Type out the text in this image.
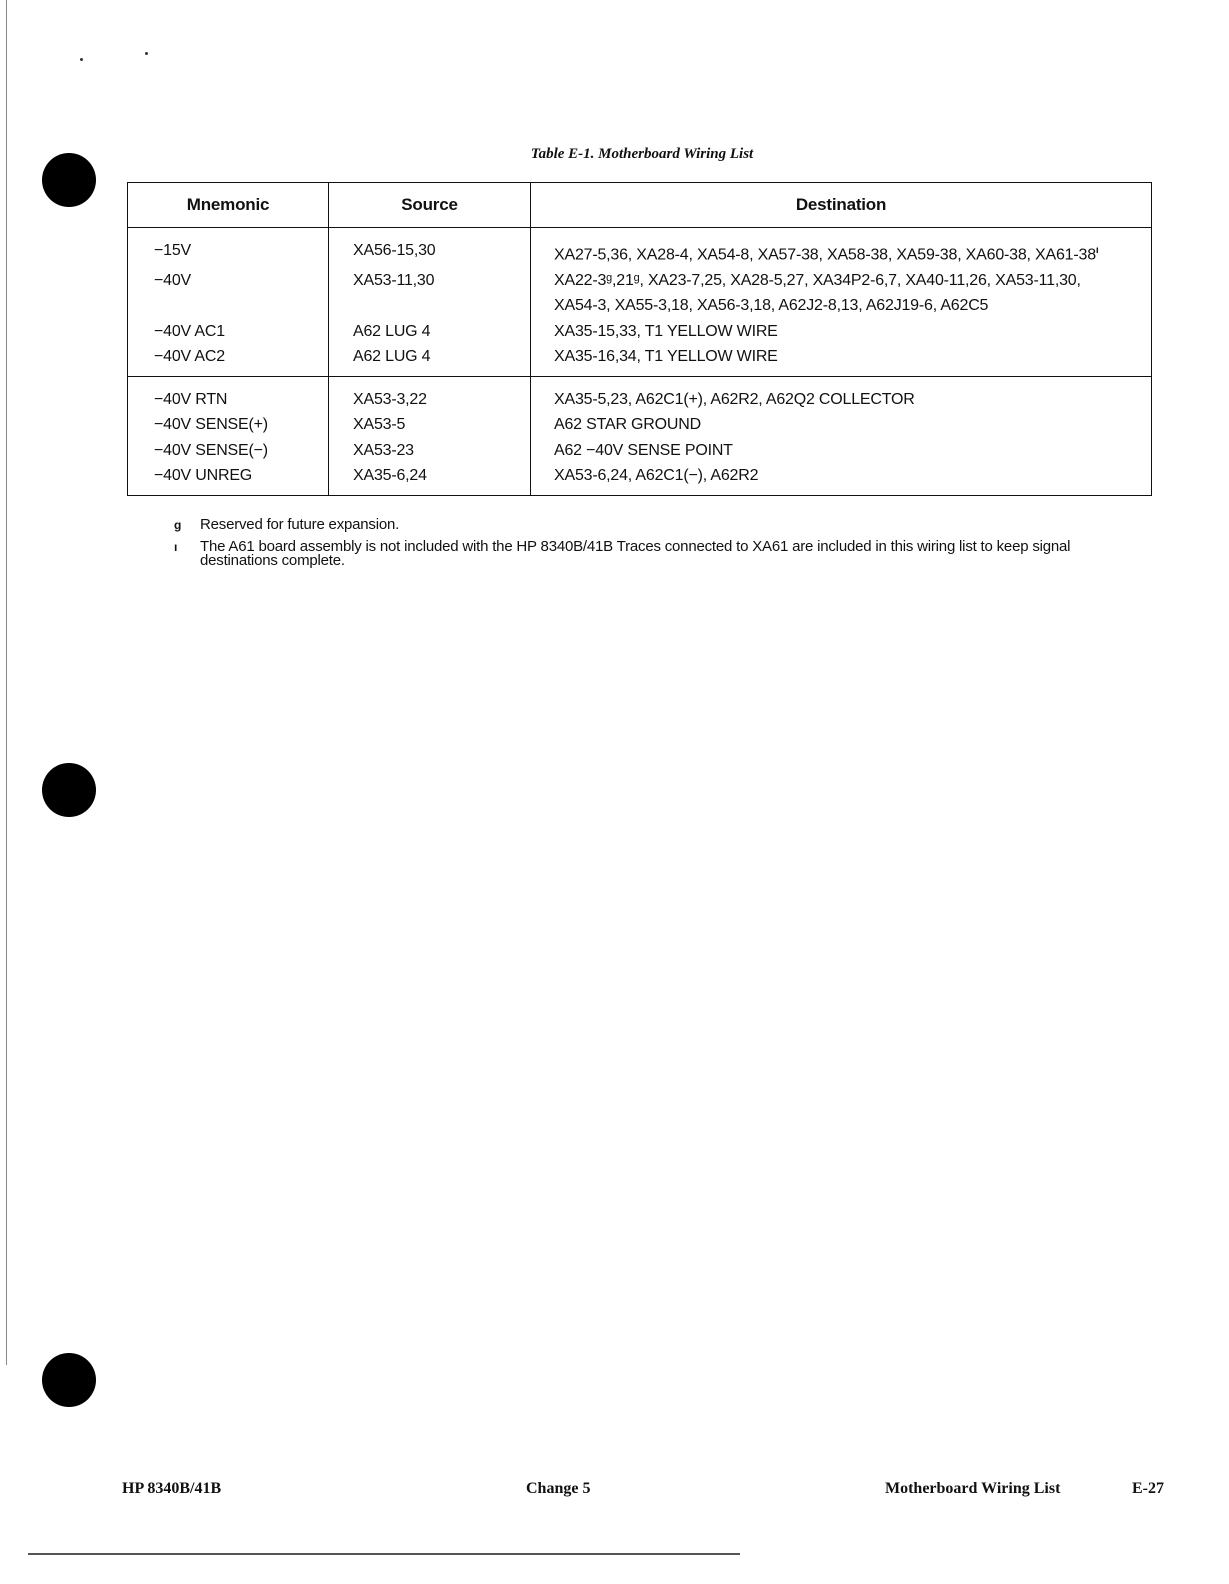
Table E-1. Motherboard Wiring List
Mnemonic	Source	Destination

−15V	XA56-15,30	XA27-5,36, XA28-4, XA54-8, XA57-38, XA58-38, XA59-38, XA60-38, $XA61-38^ı$

−40V	XA53-11,30	XA22-3ᵍ,21ᵍ, XA23-7,25, XA28-5,27, XA34P2-6,7, XA40-11,26, XA53-11,30,
XA54-3, XA55-3,18, XA56-3,18, A62J2-8,13, A62J19-6, A62C5

−40V AC1	A62 LUG 4	XA35-15,33, T1 YELLOW WIRE

−40V AC2	A62 LUG 4	XA35-16,34, T1 YELLOW WIRE

−40V RTN	XA53-3,22	XA35-5,23, A62C1(+), A62R2, A62Q2 COLLECTOR

−40V SENSE(+)	XA53-5	A62 STAR GROUND

−40V SENSE(−)	XA53-23	A62 −40V SENSE POINT

−40V UNREG	XA35-6,24	XA53-6,24, A62C1(−), A62R2
g Reserved for future expansion.
ı The A61 board assembly is not included with the HP 8340B/41B Traces connected to XA61 are included in this wiring list to keep signal destinations complete.
HP 8340B/41B	Change 5	Motherboard Wiring List	E-27
